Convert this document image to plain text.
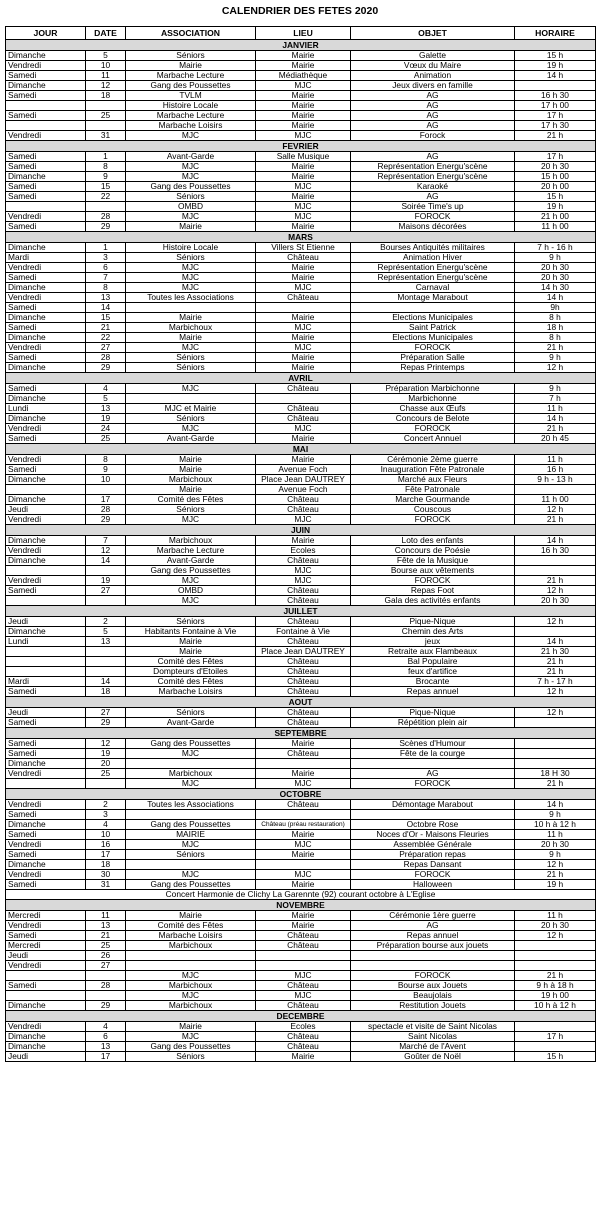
CALENDRIER DES FETES 2020
JOUR	DATE	ASSOCIATION	LIEU	OBJET	HORAIRE
JANVIER					
Dimanche	5	Séniors	Mairie	Galette	15 h
Vendredi	10	Mairie	Mairie	Vœux du Maire	19 h
Samedi	11	Marbache Lecture	Médiathèque	Animation	14 h
Dimanche	12	Gang des Poussettes	MJC	Jeux divers en famille	
Samedi	18	TVLM	Mairie	AG	16 h 30
		Histoire Locale	Mairie	AG	17 h 00
Samedi	25	Marbache Lecture	Mairie	AG	17 h
		Marbache Loisirs	Mairie	AG	17 h 30
Vendredi	31	MJC	MJC	Forock	21 h
FEVRIER					
Samedi	1	Avant-Garde	Salle Musique	AG	17 h
Samedi	8	MJC	Mairie	Représentation Energu'scène	20 h 30
Dimanche	9	MJC	Mairie	Représentation Energu'scène	15 h 00
Samedi	15	Gang des Poussettes	MJC	Karaoké	20 h 00
Samedi	22	Séniors	Mairie	AG	15 h
		OMBD	MJC	Soirée Time's up	19 h
Vendredi	28	MJC	MJC	FOROCK	21 h 00
Samedi	29	Mairie	Mairie	Maisons décorées	11 h 00
MARS					
Dimanche	1	Histoire Locale	Villers St Etienne	Bourses Antiquités militaires	7 h - 16 h
Mardi	3	Séniors	Château	Animation Hiver	9 h
Vendredi	6	MJC	Mairie	Représentation Energu'scène	20 h 30
Samedi	7	MJC	Mairie	Représentation Energu'scène	20 h 30
Dimanche	8	MJC	MJC	Carnaval	14 h 30
Vendredi	13	Toutes les Associations	Château	Montage Marabout	14 h
Samedi	14				9h
Dimanche	15	Mairie	Mairie	Elections Municipales	8 h
Samedi	21	Marbichoux	MJC	Saint Patrick	18 h
Dimanche	22	Mairie	Mairie	Elections Municipales	8 h
Vendredi	27	MJC	MJC	FOROCK	21 h
Samedi	28	Séniors	Mairie	Préparation Salle	9 h
Dimanche	29	Séniors	Mairie	Repas Printemps	12 h
AVRIL					
Samedi	4	MJC	Château	Préparation Marbichonne	9 h
Dimanche	5			Marbichonne	7 h
Lundi	13	MJC et Mairie	Château	Chasse aux Œufs	11 h
Dimanche	19	Séniors	Château	Concours de Belote	14 h
Vendredi	24	MJC	MJC	FOROCK	21 h
Samedi	25	Avant-Garde	Mairie	Concert Annuel	20 h 45
MAI					
Vendredi	8	Mairie	Mairie	Cérémonie 2ème guerre	11 h
Samedi	9	Mairie	Avenue Foch	Inauguration Fête Patronale	16 h
Dimanche	10	Marbichoux	Place Jean DAUTREY	Marché aux Fleurs	9 h - 13 h
		Mairie	Avenue Foch	Fête Patronale	
Dimanche	17	Comité des Fêtes	Château	Marche Gourmande	11 h 00
Jeudi	28	Séniors	Château	Couscous	12 h
Vendredi	29	MJC	MJC	FOROCK	21 h
JUIN					
Dimanche	7	Marbichoux	Mairie	Loto des enfants	14 h
Vendredi	12	Marbache Lecture	Ecoles	Concours de Poésie	16 h 30
Dimanche	14	Avant-Garde	Château	Fête de la Musique	
		Gang des Poussettes	MJC	Bourse aux vêtements	
Vendredi	19	MJC	MJC	FOROCK	21 h
Samedi	27	OMBD	Château	Repas Foot	12 h
		MJC	Château	Gala des activités enfants	20 h 30
JUILLET					
Jeudi	2	Séniors	Château	Pique-Nique	12 h
Dimanche	5	Habitants Fontaine à Vie	Fontaine à Vie	Chemin des Arts	
Lundi	13	Mairie	Château	jeux	14 h
		Mairie	Place Jean DAUTREY	Retraite aux Flambeaux	21 h 30
		Comité des Fêtes	Château	Bal Populaire	21 h
		Dompteurs d'Etoiles	Château	feux d'artifice	21 h
Mardi	14	Comité des Fêtes	Château	Brocante	7 h - 17 h
Samedi	18	Marbache Loisirs	Château	Repas annuel	12 h
AOUT					
Jeudi	27	Séniors	Château	Pique-Nique	12 h
Samedi	29	Avant-Garde	Château	Répétition plein air	
SEPTEMBRE					
Samedi	12	Gang des Poussettes	Mairie	Scènes d'Humour	
Samedi	19	MJC	Château	Fête de la courge	
Dimanche	20				
Vendredi	25	Marbichoux	Mairie	AG	18 H 30
		MJC	MJC	FOROCK	21 h
OCTOBRE					
Vendredi	2	Toutes les Associations	Château	Démontage Marabout	14 h
Samedi	3				9 h
Dimanche	4	Gang des Poussettes	Château (préau restauration)	Octobre Rose	10 h à 12 h
Samedi	10	MAIRIE	Mairie	Noces d'Or - Maisons Fleuries	11 h
Vendredi	16	MJC	MJC	Assemblée Générale	20 h 30
Samedi	17	Séniors	Mairie	Préparation repas	9 h
Dimanche	18			Repas Dansant	12 h
Vendredi	30	MJC	MJC	FOROCK	21 h
Samedi	31	Gang des Poussettes	Mairie	Halloween	19 h
Concert Harmonie de Clichy La Garennte (92) courant octobre à L'Eglise					
NOVEMBRE					
Mercredi	11	Mairie	Mairie	Cérémonie 1ère guerre	11 h
Vendredi	13	Comité des Fêtes	Mairie	AG	20 h 30
Samedi	21	Marbache Loisirs	Château	Repas annuel	12 h
Mercredi	25	Marbichoux	Château	Préparation bourse aux jouets	
Jeudi	26				
Vendredi	27				
		MJC	MJC	FOROCK	21 h
Samedi	28	Marbichoux	Château	Bourse aux Jouets	9 h à 18 h
		MJC	MJC	Beaujolais	19 h 00
Dimanche	29	Marbichoux	Château	Restitution Jouets	10 h à 12 h
DECEMBRE					
Vendredi	4	Mairie	Ecoles	spectacle et visite de Saint Nicolas	
Dimanche	6	MJC	Château	Saint Nicolas	17 h
Dimanche	13	Gang des Poussettes	Château	Marché de l'Avent	
Jeudi	17	Séniors	Mairie	Goûter de Noël	15 h
